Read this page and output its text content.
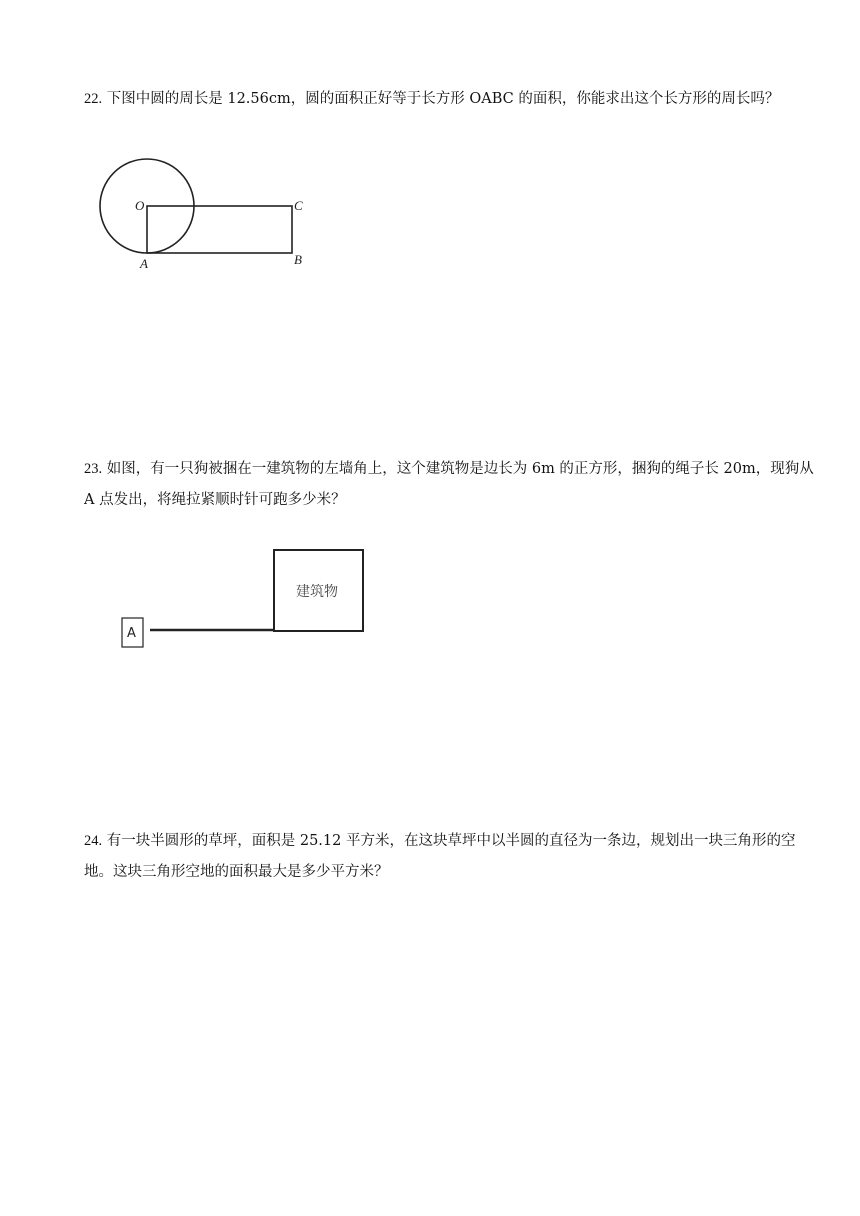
22. 下图中圆的周长是 12.56cm，圆的面积正好等于长方形 OABC 的面积，你能求出这个长方形的周长吗？

O	C
A	B

23. 如图，有一只狗被捆在一建筑物的左墙角上，这个建筑物是边长为 6m 的正方形，捆狗的绳子长 20m，现狗从 A 点发出，将绳拉紧顺时针可跑多少米？

A
建筑物

24. 有一块半圆形的草坪，面积是 25.12 平方米，在这块草坪中以半圆的直径为一条边，规划出一块三角形的空地。这块三角形空地的面积最大是多少平方米？
